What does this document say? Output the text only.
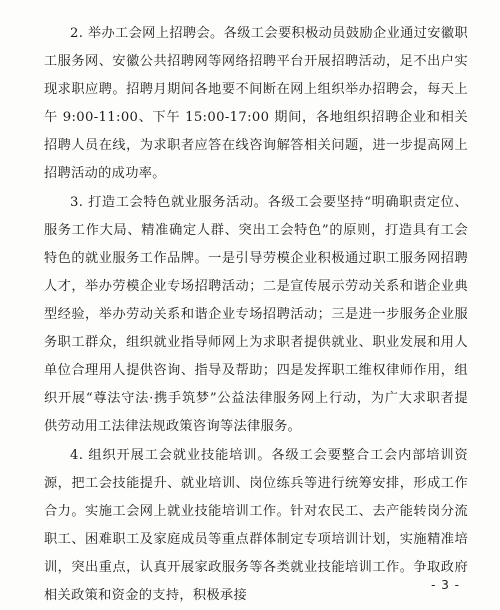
2. 举办工会网上招聘会。各级工会要积极动员鼓励企业通过安徽职工服务网、安徽公共招聘网等网络招聘平台开展招聘活动，足不出户实现求职应聘。招聘月期间各地要不间断在网上组织举办招聘会，每天上午 9:00-11:00、下午 15:00-17:00 期间，各地组织招聘企业和相关招聘人员在线，为求职者应答在线咨询解答相关问题，进一步提高网上招聘活动的成功率。

3. 打造工会特色就业服务活动。各级工会要坚持“明确职责定位、服务工作大局、精准确定人群、突出工会特色”的原则，打造具有工会特色的就业服务工作品牌。一是引导劳模企业积极通过职工服务网招聘人才，举办劳模企业专场招聘活动；二是宣传展示劳动关系和谐企业典型经验，举办劳动关系和谐企业专场招聘活动；三是进一步服务企业服务职工群众，组织就业指导师网上为求职者提供就业、职业发展和用人单位合理用人提供咨询、指导及帮助；四是发挥职工维权律师作用，组织开展“尊法守法·携手筑梦”公益法律服务网上行动，为广大求职者提供劳动用工法律法规政策咨询等法律服务。

4. 组织开展工会就业技能培训。各级工会要整合工会内部培训资源，把工会技能提升、就业培训、岗位练兵等进行统筹安排，形成工作合力。实施工会网上就业技能培训工作。针对农民工、去产能转岗分流职工、困难职工及家庭成员等重点群体制定专项培训计划，实施精准培训，突出重点，认真开展家政服务等各类就业技能培训工作。争取政府相关政策和资金的支持，积极承接

- 3 -
